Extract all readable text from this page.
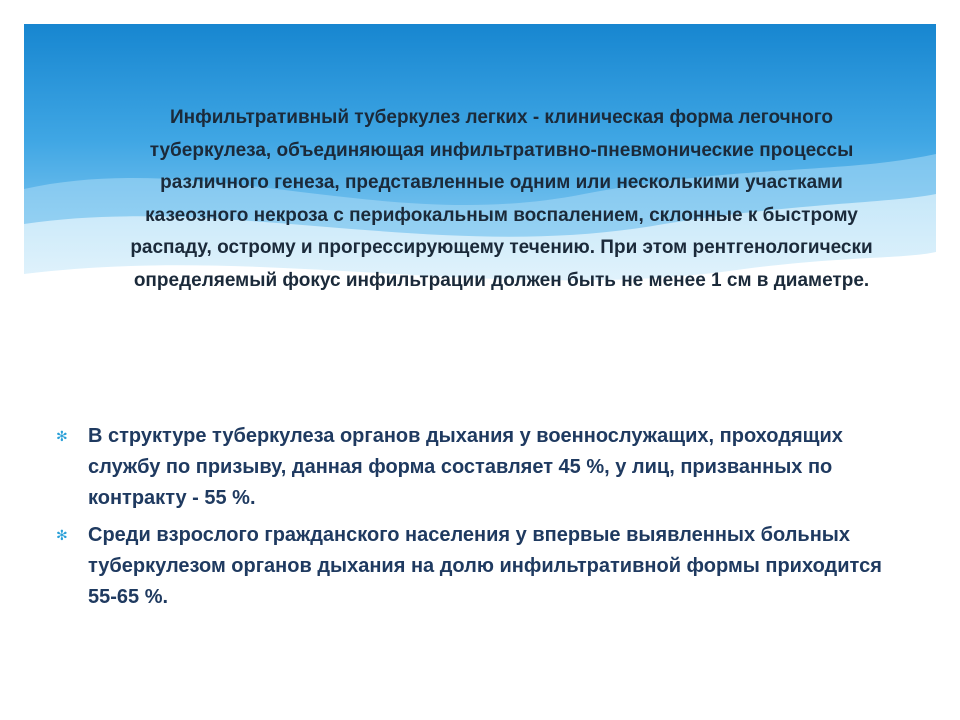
Инфильтративный туберкулез легких - клиническая форма легочного туберкулеза, объединяющая инфильтративно-пневмонические процессы различного генеза, представленные одним или несколькими участками казеозного некроза с перифокальным воспалением, склонные к быстрому распаду, острому и прогрессирующему течению. При этом рентгенологически определяемый фокус инфильтрации должен быть не менее 1 см в диаметре.

✻ В структуре туберкулеза органов дыхания у военнослужащих, проходящих службу по призыву, данная форма составляет 45 %, у лиц, призванных по контракту - 55 %.
✻ Среди взрослого гражданского населения у впервые выявленных больных туберкулезом органов дыхания на долю инфильтративной формы приходится 55-65 %.
